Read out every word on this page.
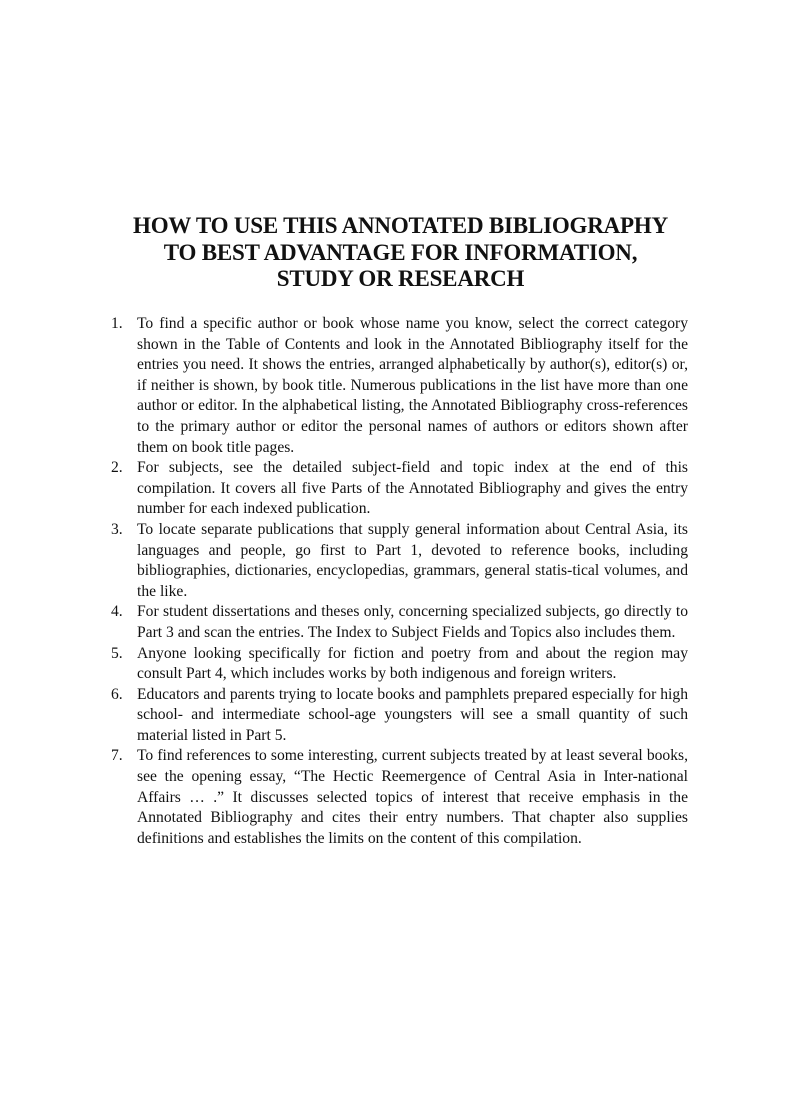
HOW TO USE THIS ANNOTATED BIBLIOGRAPHY
TO BEST ADVANTAGE FOR INFORMATION,
STUDY OR RESEARCH
1. To find a specific author or book whose name you know, select the correct category shown in the Table of Contents and look in the Annotated Bibliography itself for the entries you need. It shows the entries, arranged alphabetically by author(s), editor(s) or, if neither is shown, by book title. Numerous publications in the list have more than one author or editor. In the alphabetical listing, the Annotated Bibliography cross-references to the primary author or editor the personal names of authors or editors shown after them on book title pages.
2. For subjects, see the detailed subject-field and topic index at the end of this compilation. It covers all five Parts of the Annotated Bibliography and gives the entry number for each indexed publication.
3. To locate separate publications that supply general information about Central Asia, its languages and people, go first to Part 1, devoted to reference books, including bibliographies, dictionaries, encyclopedias, grammars, general statis-tical volumes, and the like.
4. For student dissertations and theses only, concerning specialized subjects, go directly to Part 3 and scan the entries. The Index to Subject Fields and Topics also includes them.
5. Anyone looking specifically for fiction and poetry from and about the region may consult Part 4, which includes works by both indigenous and foreign writers.
6. Educators and parents trying to locate books and pamphlets prepared especially for high school- and intermediate school-age youngsters will see a small quantity of such material listed in Part 5.
7. To find references to some interesting, current subjects treated by at least several books, see the opening essay, “The Hectic Reemergence of Central Asia in Inter-national Affairs … .” It discusses selected topics of interest that receive emphasis in the Annotated Bibliography and cites their entry numbers. That chapter also supplies definitions and establishes the limits on the content of this compilation.
